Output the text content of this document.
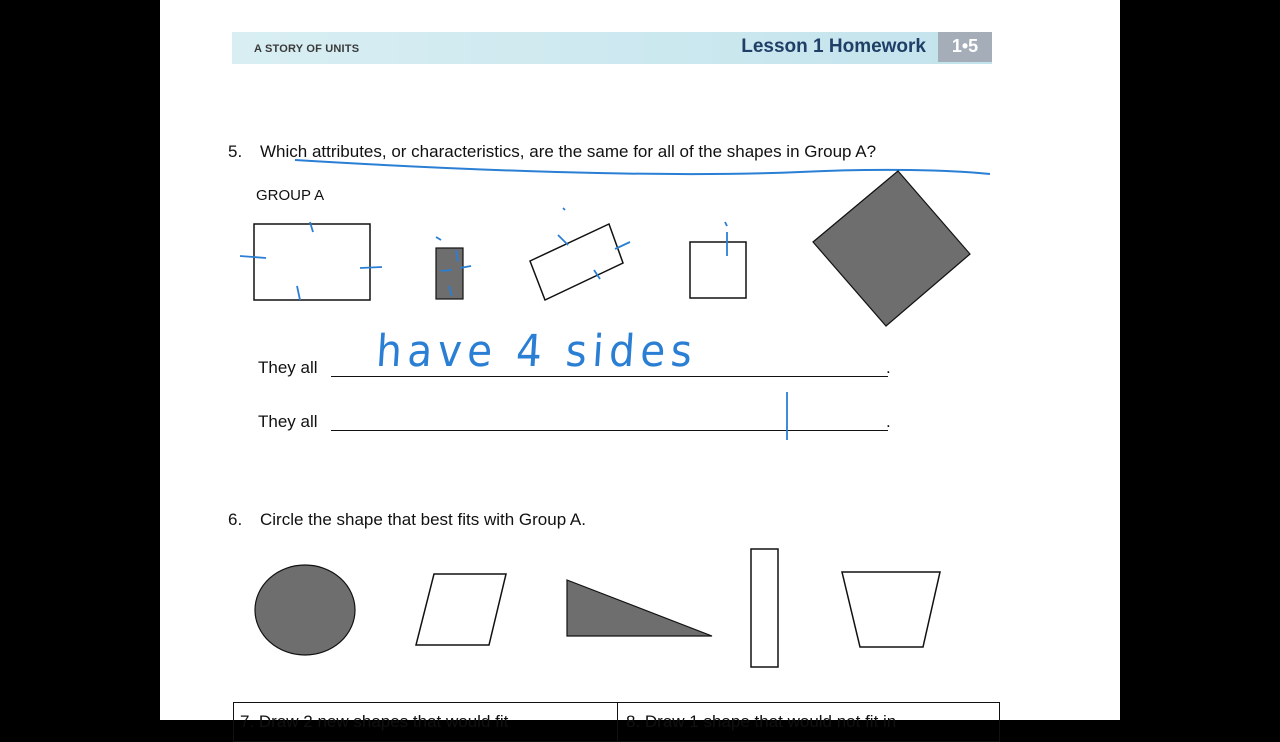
A STORY OF UNITS	Lesson 1 Homework	1•5
5. Which attributes, or characteristics, are the same for all of the shapes in Group A?
GROUP A
They all	.
They all	.
have 4 sides
6. Circle the shape that best fits with Group A.
7. Draw 2 new shapes that would fit	8. Draw 1 shape that would not fit in
